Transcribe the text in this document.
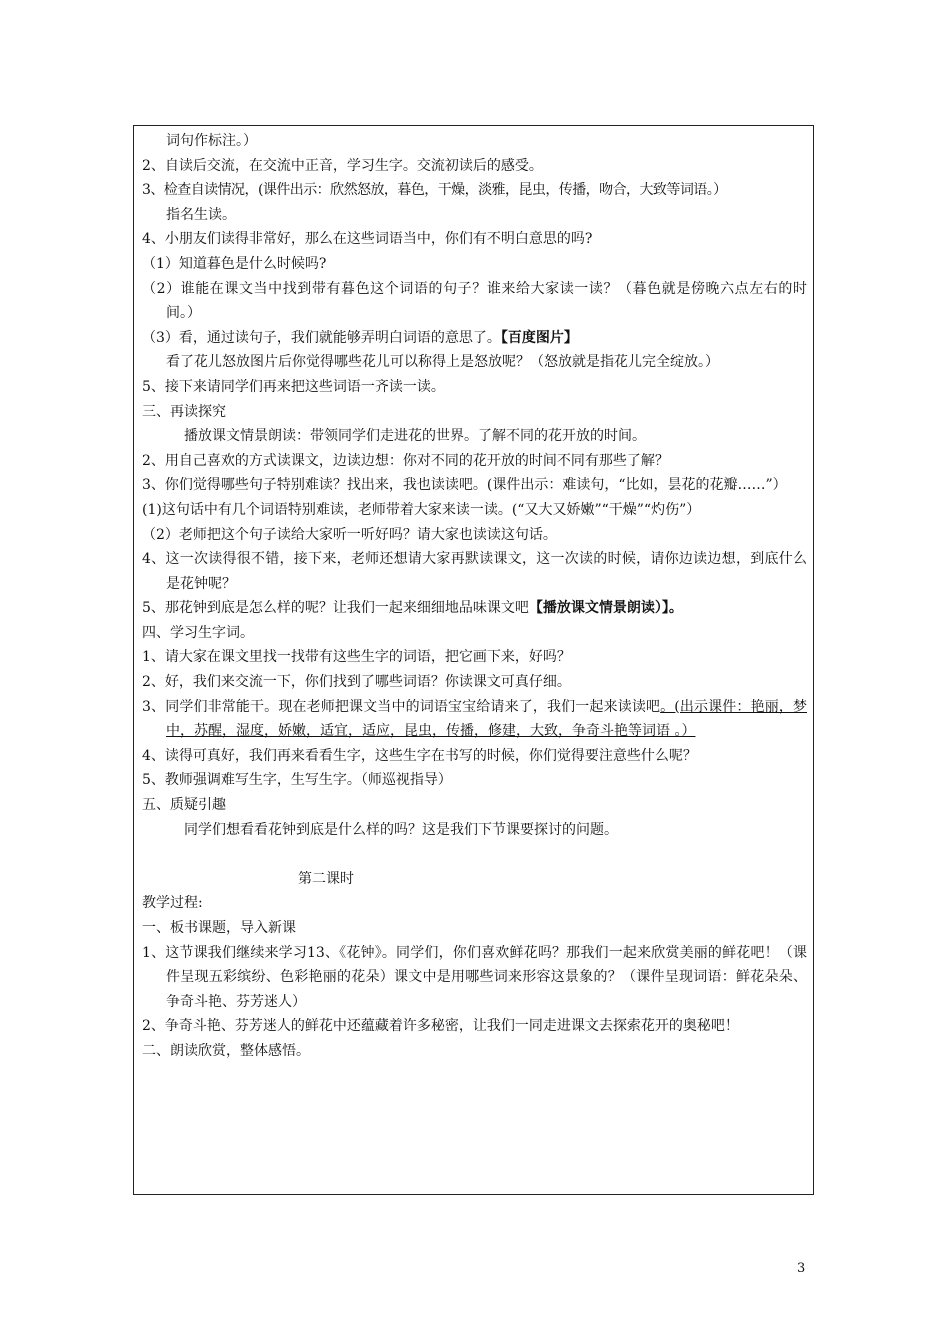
词句作标注。）

2、自读后交流，在交流中正音，学习生字。交流初读后的感受。

3、检查自读情况，(课件出示：欣然怒放，暮色，干燥，淡雅，昆虫，传播，吻合，大致等词语。）

指名生读。

4、小朋友们读得非常好，那么在这些词语当中，你们有不明白意思的吗?

（1）知道暮色是什么时候吗?

（2）谁能在课文当中找到带有暮色这个词语的句子？谁来给大家读一读？（暮色就是傍晚六点左右的时间。）

（3）看，通过读句子，我们就能够弄明白词语的意思了。【百度图片】

看了花儿怒放图片后你觉得哪些花儿可以称得上是怒放呢？（怒放就是指花儿完全绽放。）

5、接下来请同学们再来把这些词语一齐读一读。

三、再读探究

播放课文情景朗读：带领同学们走进花的世界。了解不同的花开放的时间。

2、用自己喜欢的方式读课文，边读边想：你对不同的花开放的时间不同有那些了解？

3、你们觉得哪些句子特别难读？找出来，我也读读吧。(课件出示：难读句，“比如，昙花的花瓣……”）

(1)这句话中有几个词语特别难读，老师带着大家来读一读。(“又大又娇嫩”“干燥”“灼伤”）

（2）老师把这个句子读给大家听一听好吗？请大家也读读这句话。

4、这一次读得很不错，接下来，老师还想请大家再默读课文，这一次读的时候，请你边读边想，到底什么是花钟呢？

5、那花钟到底是怎么样的呢？让我们一起来细细地品味课文吧【播放课文情景朗读）】。

四、学习生字词。

1、请大家在课文里找一找带有这些生字的词语，把它画下来，好吗？

2、好，我们来交流一下，你们找到了哪些词语？你读课文可真仔细。

3、同学们非常能干。现在老师把课文当中的词语宝宝给请来了，我们一起来读读吧。(出示课件：艳丽，梦中，苏醒，湿度，娇嫩，适宜，适应，昆虫，传播，修建，大致，争奇斗艳等词语 。）

4、读得可真好，我们再来看看生字，这些生字在书写的时候，你们觉得要注意些什么呢？

5、教师强调难写生字，生写生字。（师巡视指导）

五、质疑引趣

同学们想看看花钟到底是什么样的吗？这是我们下节课要探讨的问题。

第二课时

教学过程:

一、板书课题，导入新课

1、这节课我们继续来学习13、《花钟》。同学们，你们喜欢鲜花吗？那我们一起来欣赏美丽的鲜花吧！（课件呈现五彩缤纷、色彩艳丽的花朵）课文中是用哪些词来形容这景象的？（课件呈现词语：鲜花朵朵、争奇斗艳、芬芳迷人）

2、争奇斗艳、芬芳迷人的鲜花中还蕴藏着许多秘密，让我们一同走进课文去探索花开的奥秘吧！

二、朗读欣赏，整体感悟。

3
